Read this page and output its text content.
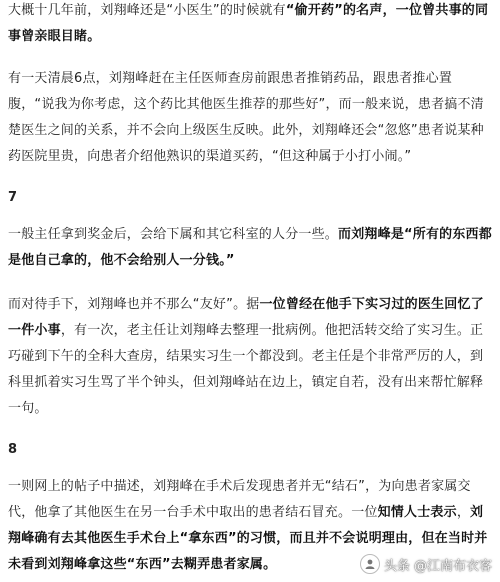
大概十几年前，刘翔峰还是“小医生”的时候就有“偷开药”的名声，一位曾共事的同事曾亲眼目睹。

有一天清晨6点，刘翔峰赶在主任医师查房前跟患者推销药品，跟患者推心置腹，“说我为你考虑，这个药比其他医生推荐的那些好”，而一般来说，患者搞不清楚医生之间的关系，并不会向上级医生反映。此外，刘翔峰还会“忽悠”患者说某种药医院里贵，向患者介绍他熟识的渠道买药，“但这种属于小打小闹。”

7

一般主任拿到奖金后，会给下属和其它科室的人分一些。而刘翔峰是“所有的东西都是他自己拿的，他不会给别人一分钱。”

而对待手下，刘翔峰也并不那么“友好”。据一位曾经在他手下实习过的医生回忆了一件小事，有一次，老主任让刘翔峰去整理一批病例。他把活转交给了实习生。正巧碰到下午的全科大查房，结果实习生一个都没到。老主任是个非常严厉的人，到科里抓着实习生骂了半个钟头，但刘翔峰站在边上，镇定自若，没有出来帮忙解释一句。

8

一则网上的帖子中描述，刘翔峰在手术后发现患者并无“结石”，为向患者家属交代，他拿了其他医生在另一台手术中取出的患者结石冒充。一位知情人士表示，刘翔峰确有去其他医生手术台上“拿东西”的习惯，而且并不会说明理由，但在当时并未看到刘翔峰拿这些“东西”去糊弄患者家属。	头条 @江南布衣客
